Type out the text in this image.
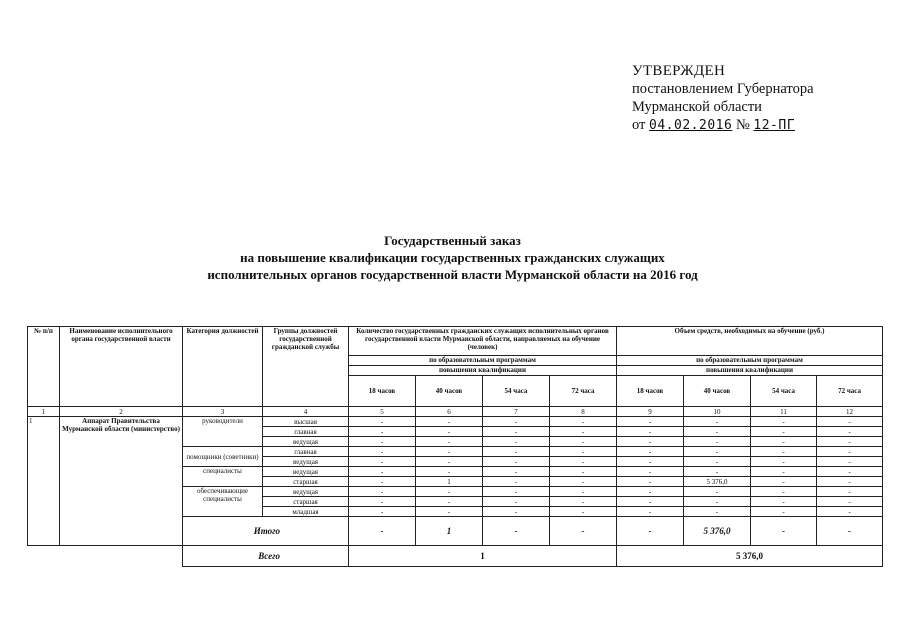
УТВЕРЖДЕН
постановлением Губернатора
Мурманской области
от 04.02.2016 № 12-ПГ
Государственный заказ
на повышение квалификации государственных гражданских служащих
исполнительных органов государственной власти Мурманской области на 2016 год
№ п/п	Наименование исполнительного органа государственной власти	Категория должностей	Группы должностей государственной гражданской службы	Количество государственных гражданских служащих исполнительных органов государственной власти Мурманской области, направляемых на обучение (человек)				Объем средств, необходимых на обучение (руб.)			
				по образовательным программам				по образовательным программам			
				повышения квалификации				повышения квалификации			
				18 часов	40 часов	54 часа	72 часа	18 часов	40 часов	54 часа	72 часа
1	2	3	4	5	6	7	8	9	10	11	12
1	Аппарат Правительства Мурманской области (министерство)	руководители	высшая	-	-	-	-	-	-	-	-
			главная	-	-	-	-	-	-	-	-
			ведущая	-	-	-	-	-	-	-	-
		помощники (советники)	главная	-	-	-	-	-	-	-	-
			ведущая	-	-	-	-	-	-	-	-
		специалисты	ведущая	-	-	-	-	-	-	-	-
			старшая	-	1	-	-	-	5 376,0	-	-
		обеспечивающие специалисты	ведущая	-	-	-	-	-	-	-	-
			старшая	-	-	-	-	-	-	-	-
			младшая	-	-	-	-	-	-	-	-
		Итого		-	1	-	-	-	5 376,0	-	-
		Всего		1				5 376,0			
